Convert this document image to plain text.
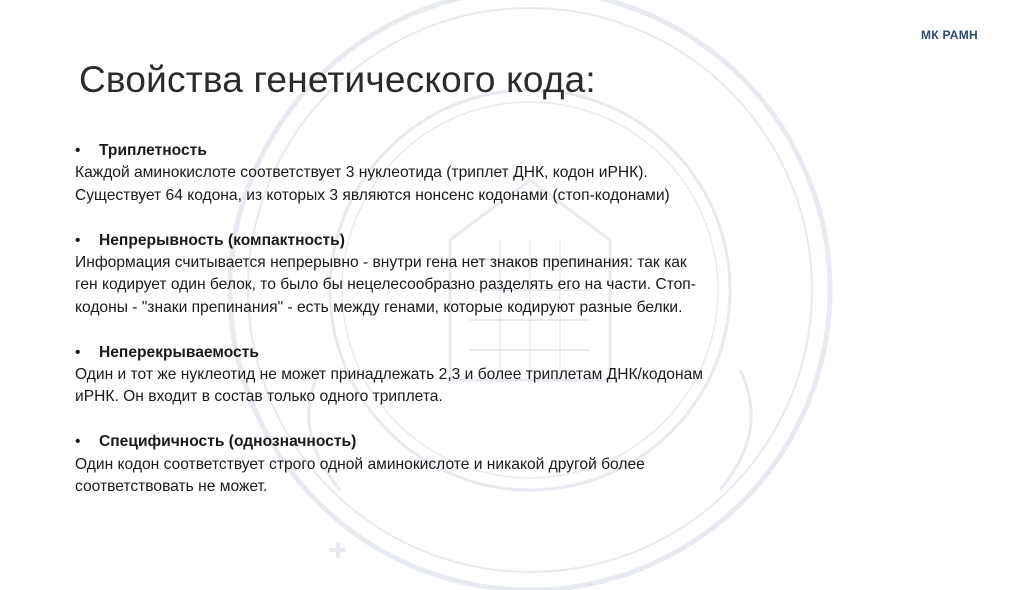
МК РАМН
Свойства генетического кода:
•	Триплетность
Каждой аминокислоте соответствует 3 нуклеотида (триплет ДНК, кодон иРНК).
Существует 64 кодона, из которых 3 являются нонсенс кодонами (стоп-кодонами)
•	Непрерывность (компактность)
Информация считывается непрерывно - внутри гена нет знаков препинания: так как
ген кодирует один белок, то было бы нецелесообразно разделять его на части. Стоп-
кодоны - "знаки препинания" - есть между генами, которые кодируют разные белки.
•	Неперекрываемость
Один и тот же нуклеотид не может принадлежать 2,3 и более триплетам ДНК/кодонам
иРНК. Он входит в состав только одного триплета.
•	Специфичность (однозначность)
Один кодон соответствует строго одной аминокислоте и никакой другой более
соответствовать не может.
